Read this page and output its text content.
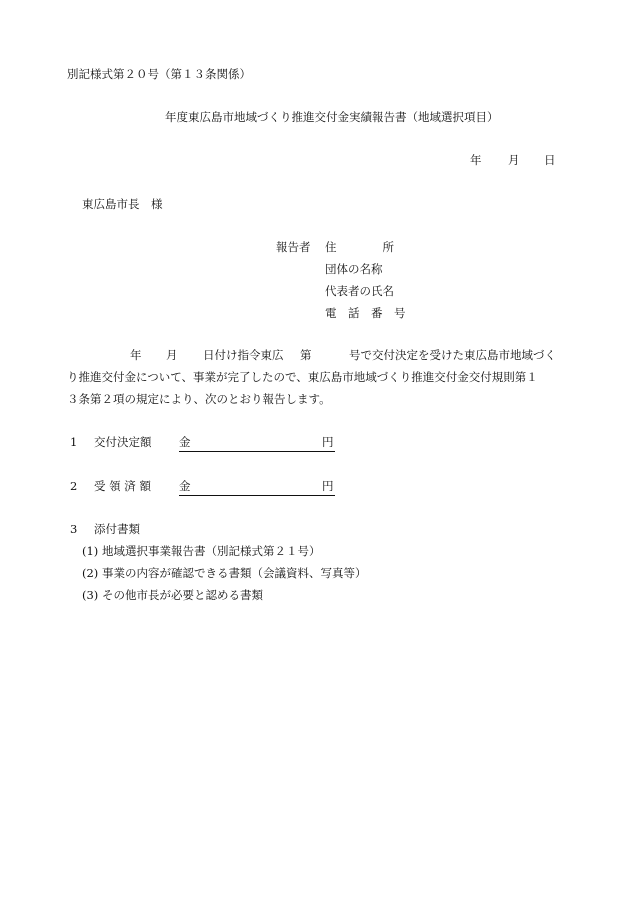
別記様式第２０号（第１３条関係）
年度東広島市地域づくり推進交付金実績報告書（地域選択項目）
年 月 日
東広島市長　様
報告者 住　　　　所
団体の名称
代表者の氏名
電　話　番　号
年 月 日付け指令東広 第	号で交付決定を受けた東広島市地域づく
り推進交付金について、事業が完了したので、東広島市地域づくり推進交付金交付規則第１
３条第２項の規定により、次のとおり報告します。
1 交付決定額 金	円
2 受 領 済 額 金	円
3 添付書類
(1) 地域選択事業報告書（別記様式第２１号）
(2) 事業の内容が確認できる書類（会議資料、写真等）
(3) その他市長が必要と認める書類
